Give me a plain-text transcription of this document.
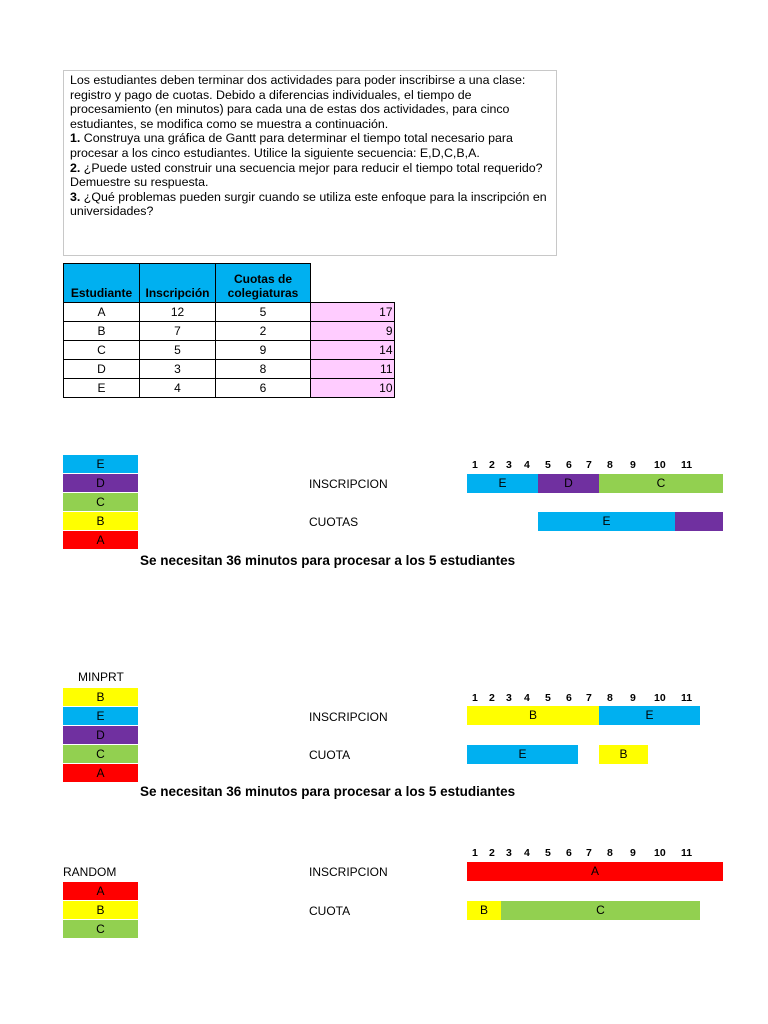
Los estudiantes deben terminar dos actividades para poder inscribirse a una clase: registro y pago de cuotas. Debido a diferencias individuales, el tiempo de procesamiento (en minutos) para cada una de estas dos actividades, para cinco estudiantes, se modifica como se muestra a continuación.
1. Construya una gráfica de Gantt para determinar el tiempo total necesario para procesar a los cinco estudiantes. Utilice la siguiente secuencia: E,D,C,B,A.
2. ¿Puede usted construir una secuencia mejor para reducir el tiempo total requerido? Demuestre su respuesta.
3. ¿Qué problemas pueden surgir cuando se utiliza este enfoque para la inscripción en universidades?

Estudiante	Inscripción	Cuotas de colegiaturas	
A	12	5	17
B	7	2	9
C	5	9	14
D	3	8	11
E	4	6	10
E
D
C
B
A
1 2 3 4 5 6 7 8 9 10 11
INSCRIPCION	E	D	C
CUOTAS	E
Se necesitan 36 minutos para procesar a los 5 estudiantes
MINPRT
B
E
D
C
A
1 2 3 4 5 6 7 8 9 10 11
INSCRIPCION	B	E
CUOTA	E	B
Se necesitan 36 minutos para procesar a los 5 estudiantes
1 2 3 4 5 6 7 8 9 10 11
RANDOM
A
B
C
INSCRIPCION	A
CUOTA	B	C
